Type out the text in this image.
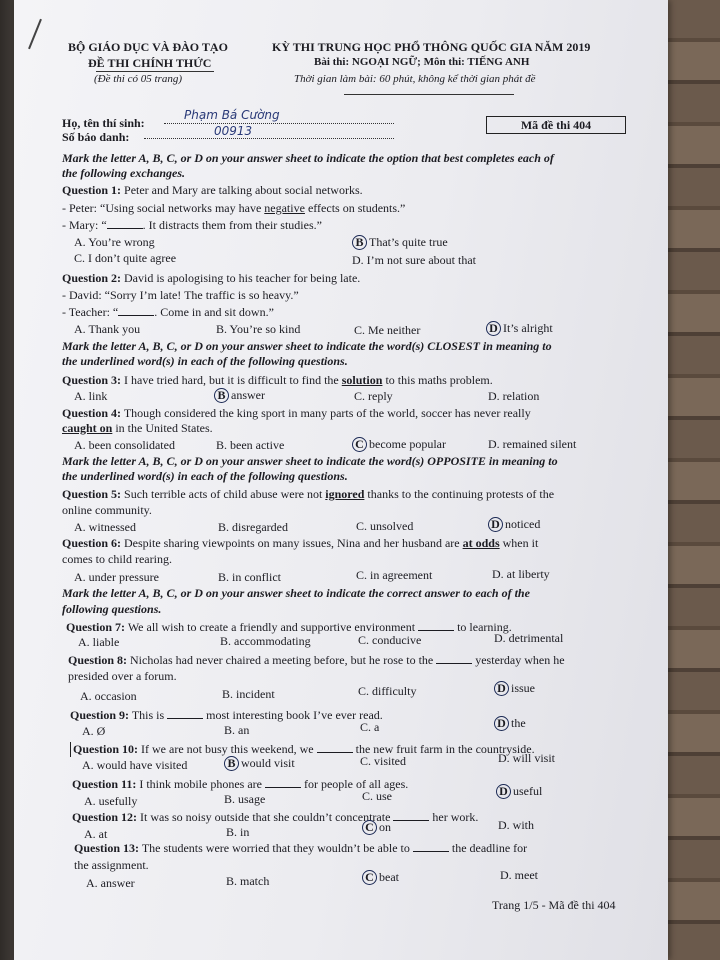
BỘ GIÁO DỤC VÀ ĐÀO TẠO
ĐỀ THI CHÍNH THỨC
(Đề thi có 05 trang)
KỲ THI TRUNG HỌC PHỔ THÔNG QUỐC GIA NĂM 2019
Bài thi: NGOẠI NGỮ; Môn thi: TIẾNG ANH
Thời gian làm bài: 60 phút, không kể thời gian phát đề
Họ, tên thí sinh:
Phạm Bá Cường
Số báo danh:	00913	Mã đề thi 404
Mark the letter A, B, C, or D on your answer sheet to indicate the option that best completes each of
the following exchanges.
Question 1: Peter and Mary are talking about social networks.
- Peter: “Using social networks may have negative effects on students.”
- Mary: “	. It distracts them from their studies.”
A. You’re wrong	B That’s quite true
C. I don’t quite agree	D. I’m not sure about that
Question 2: David is apologising to his teacher for being late.
- David: “Sorry I’m late! The traffic is so heavy.”
- Teacher: “	. Come in and sit down.”
A. Thank you	B. You’re so kind	C. Me neither	D It’s alright
Mark the letter A, B, C, or D on your answer sheet to indicate the word(s) CLOSEST in meaning to
the underlined word(s) in each of the following questions.
Question 3: I have tried hard, but it is difficult to find the solution to this maths problem.
A. link	B answer	C. reply	D. relation
Question 4: Though considered the king sport in many parts of the world, soccer has never really
caught on in the United States.
A. been consolidated	B. been active	C become popular	D. remained silent
Mark the letter A, B, C, or D on your answer sheet to indicate the word(s) OPPOSITE in meaning to
the underlined word(s) in each of the following questions.
Question 5: Such terrible acts of child abuse were not ignored thanks to the continuing protests of the
online community.
A. witnessed	B. disregarded	C. unsolved	D noticed
Question 6: Despite sharing viewpoints on many issues, Nina and her husband are at odds when it
comes to child rearing.
A. under pressure	B. in conflict	C. in agreement	D. at liberty
Mark the letter A, B, C, or D on your answer sheet to indicate the correct answer to each of the
following questions.
Question 7: We all wish to create a friendly and supportive environment	to learning.
A. liable	B. accommodating	C. conducive	D. detrimental
Question 8: Nicholas had never chaired a meeting before, but he rose to the	yesterday when he
presided over a forum.
A. occasion	B. incident	C. difficulty	D issue
Question 9: This is	most interesting book I’ve ever read.
A. Ø	B. an	C. a	D the
Question 10: If we are not busy this weekend, we	the new fruit farm in the countryside.
A. would have visited	B would visit	C. visited	D. will visit
Question 11: I think mobile phones are	for people of all ages.
A. usefully	B. usage	C. use	D useful
Question 12: It was so noisy outside that she couldn’t concentrate	her work.
A. at	B. in	C on	D. with
Question 13: The students were worried that they wouldn’t be able to	the deadline for
the assignment.
A. answer	B. match	C beat	D. meet
Trang 1/5 - Mã đề thi 404
